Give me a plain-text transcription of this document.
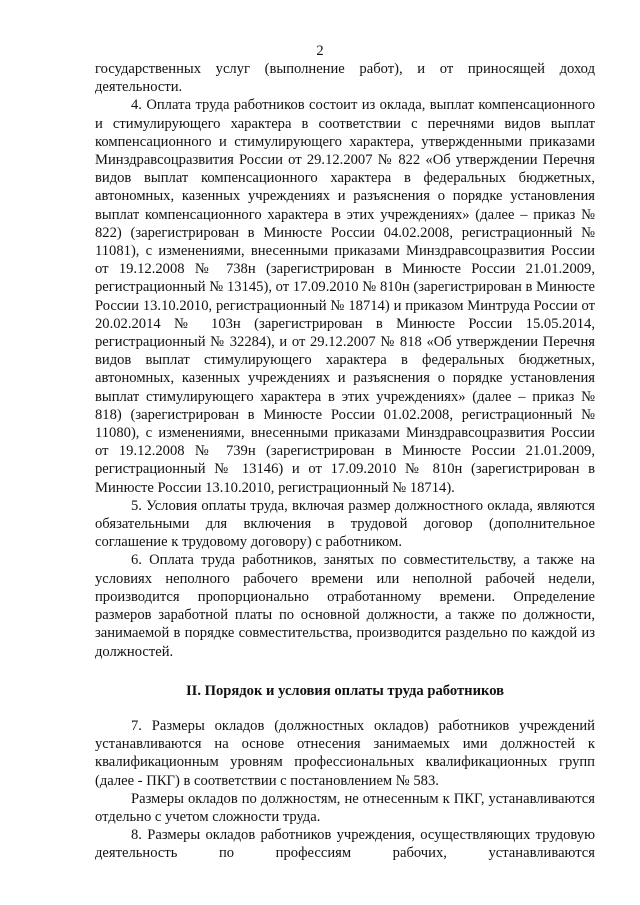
2

государственных услуг (выполнение работ), и от приносящей доход деятельности.

4. Оплата труда работников состоит из оклада, выплат компенсационного и стимулирующего характера в соответствии с перечнями видов выплат компенсационного и стимулирующего характера, утвержденными приказами Минздравсоцразвития России от 29.12.2007 № 822 «Об утверждении Перечня видов выплат компенсационного характера в федеральных бюджетных, автономных, казенных учреждениях и разъяснения о порядке установления выплат компенсационного характера в этих учреждениях» (далее – приказ № 822) (зарегистрирован в Минюсте России 04.02.2008, регистрационный № 11081), с изменениями, внесенными приказами Минздравсоцразвития России от 19.12.2008 № 738н (зарегистрирован в Минюсте России 21.01.2009, регистрационный № 13145), от 17.09.2010 № 810н (зарегистрирован в Минюсте России 13.10.2010, регистрационный № 18714) и приказом Минтруда России от 20.02.2014 № 103н (зарегистрирован в Минюсте России 15.05.2014, регистрационный № 32284), и от 29.12.2007 № 818 «Об утверждении Перечня видов выплат стимулирующего характера в федеральных бюджетных, автономных, казенных учреждениях и разъяснения о порядке установления выплат стимулирующего характера в этих учреждениях» (далее – приказ № 818) (зарегистрирован в Минюсте России 01.02.2008, регистрационный № 11080), с изменениями, внесенными приказами Минздравсоцразвития России от 19.12.2008 № 739н (зарегистрирован в Минюсте России 21.01.2009, регистрационный № 13146) и от 17.09.2010 № 810н (зарегистрирован в Минюсте России 13.10.2010, регистрационный № 18714).

5. Условия оплаты труда, включая размер должностного оклада, являются обязательными для включения в трудовой договор (дополнительное соглашение к трудовому договору) с работником.

6. Оплата труда работников, занятых по совместительству, а также на условиях неполного рабочего времени или неполной рабочей недели, производится пропорционально отработанному времени. Определение размеров заработной платы по основной должности, а также по должности, занимаемой в порядке совместительства, производится раздельно по каждой из должностей.

II. Порядок и условия оплаты труда работников

7. Размеры окладов (должностных окладов) работников учреждений устанавливаются на основе отнесения занимаемых ими должностей к квалификационным уровням профессиональных квалификационных групп (далее - ПКГ) в соответствии с постановлением № 583.

Размеры окладов по должностям, не отнесенным к ПКГ, устанавливаются отдельно с учетом сложности труда.

8. Размеры окладов работников учреждения, осуществляющих трудовую деятельность по профессиям рабочих, устанавливаются
